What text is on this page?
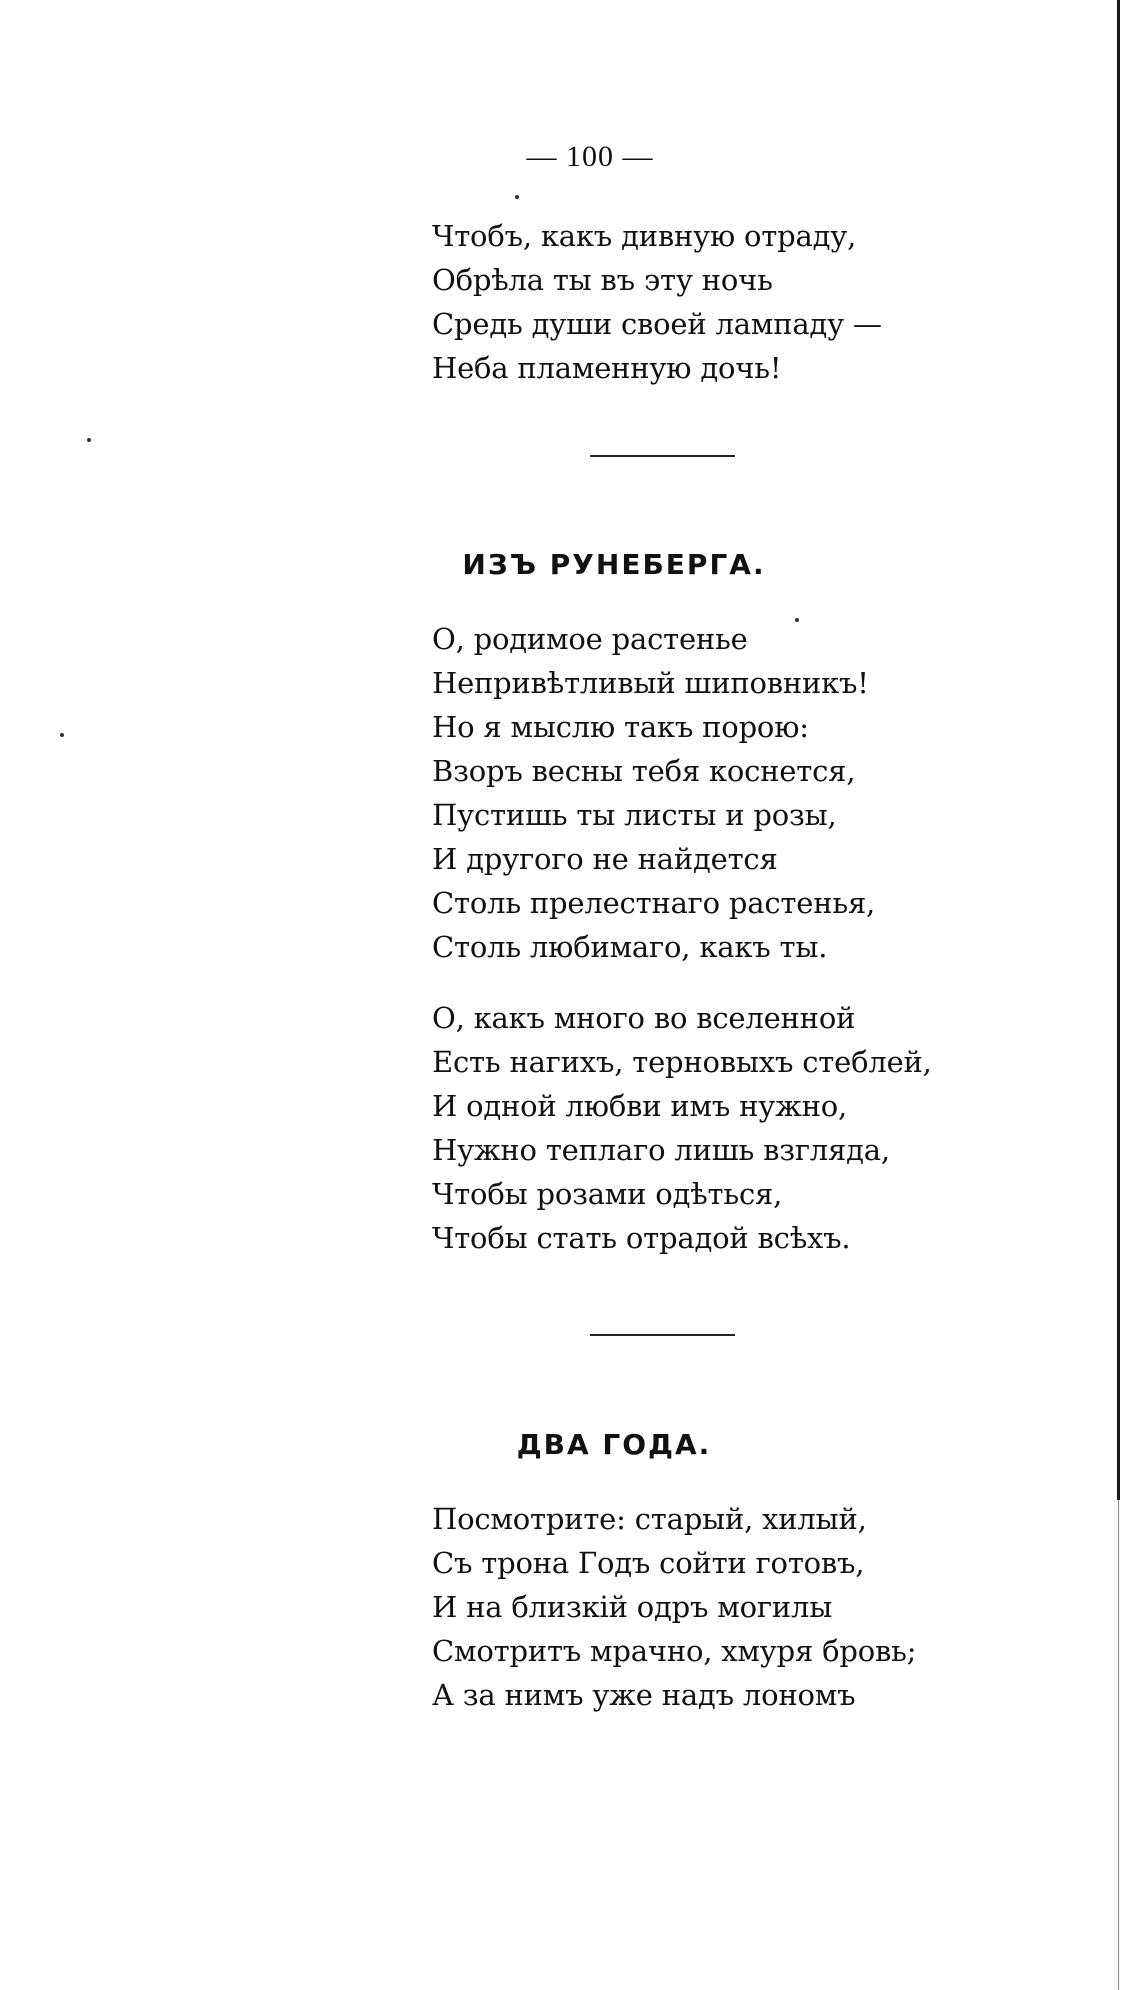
— 100 —
Чтобъ, какъ дивную отраду,
Обрѣла ты въ эту ночь
Средь души своей лампаду —
Неба пламенную дочь!
ИЗЪ РУНЕБЕРГА.
О, родимое растенье
Непривѣтливый шиповникъ!
Но я мыслю такъ порою:
Взоръ весны тебя коснется,
Пустишь ты листы и розы,
И другого не найдется
Столь прелестнаго растенья,
Столь любимаго, какъ ты.
О, какъ много во вселенной
Есть нагихъ, терновыхъ стеблей,
И одной любви имъ нужно,
Нужно теплаго лишь взгляда,
Чтобы розами одѣться,
Чтобы стать отрадой всѣхъ.
ДВА ГОДА.
Посмотрите: старый, хилый,
Съ трона Годъ сойти готовъ,
И на близкій одръ могилы
Смотритъ мрачно, хмуря бровь;
А за нимъ уже надъ лономъ
